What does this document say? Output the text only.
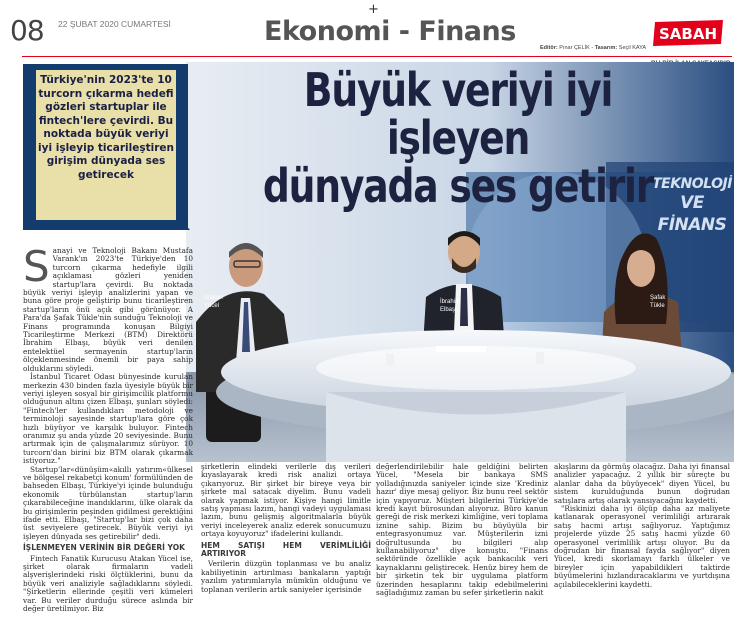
08 22 ŞUBAT 2020 CUMARTESİ
+
Ekonomi - Finans	SABAH
Editör: Pınar ÇELİK - Tasarım: Seçil KAYA
TEKNOLOJİ
VE FİNANS
Atakan
Yücel
İbrahim
Elbaşı
Şafak
Tükle
Büyük veriyi iyi işleyen
dünyada ses getirir
Türkiye'nin 2023'te 10 turcorn çıkarma hedefi gözleri startuplar ile fintech'lere çevirdi. Bu noktada büyük veriyi iyi işleyip ticarileştiren girişim dünyada ses getirecek

Sanayi ve Teknoloji Bakanı Mustafa Varank'ın 2023'te Türkiye'den 10 turcorn çıkarma hedefiyle ilgili açıklaması gözleri yeniden startup'lara çevirdi. Bu noktada büyük veriyi işleyip analizlerini yapan ve buna göre proje geliştirip bunu ticarileştiren startup'ların önü açık gibi görünüyor. A Para'da Şafak Tükle'nin sunduğu Teknoloji ve Finans programında konuşan Bilgiyi Ticarileştirme Merkezi (BTM) Direktörü İbrahim Elbaşı, büyük veri denilen entelektüel sermayenin startup'ların ölçeklenmesinde önemli bir paya sahip olduklarını söyledi.

İstanbul Ticaret Odası bünyesinde kurulan merkezin 430 binden fazla üyesiyle büyük bir veriyi işleyen sosyal bir girişimcilik platformu olduğunun altını çizen Elbaşı, şunları söyledi: "Fintech'ler kullandıkları metodoloji ve terminoloji sayesinde startup'lara göre çok hızlı büyüyor ve karşılık buluyor. Fintech oranımız şu anda yüzde 20 seviyesinde. Bunu artırmak için de çalışmalarımız sürüyor. 10 turcorn'dan birini biz BTM olarak çıkarmak istiyoruz."

Startup'lar«dünüşüm«akıllı yatırım«ülkesel ve bölgesel rekabetçi konum' formülünden de bahseden Elbaşı, Türkiye'yi içinde bulunduğu ekonomik türbülanstan startup'ların çıkarabileceğine inandıklarını, ülke olarak da bu girişimlerin peşinden gidilmesi gerektiğini ifade etti. Elbaşı, "Startup'lar bizi çok daha üst seviyelere getirecek. Büyük veriyi iyi işleyen dünyada ses getirebilir" dedi.

İŞLENMEYEN VERİNİN BİR DEĞERİ YOK

Fintech Fanatik Kurucusu Atakan Yücel ise, şirket olarak firmaların vadeli alşverişlerindeki riski ölçtüklerini, bunu da büyük veri analiziyle sağladıklarını söyledi. "Şirketlerin ellerinde çeşitli veri kümeleri var. Bu veriler durduğu sürece aslında bir değer üretilmiyor. Biz

şirketlerin elindeki verilerle dış verileri kıyaslayarak kredi risk analizi ortaya çıkarıyoruz. Bir şirket bir bireye veya bir şirkete mal satacak diyelim. Bunu vadeli olarak yapmak istiyor. Kişiye hangi limitle satış yapması lazım, hangi vadeyi uygulaması lazım, bunu gelişmiş algoritmalarla büyük veriyi inceleyerek analiz ederek sonucumuzu ortaya koyuyoruz" ifadelerini kullandı.

HEM SATIŞI HEM VERİMLİLİĞİ ARTIRIYOR

Verilerin düzgün toplanması ve bu analiz kabiliyetinin artırılması bankaların yaptığı yazılım yatırımlarıyla mümkün olduğunu ve toplanan verilerin artık saniyeler içerisinde

değerlendirilebilir hale geldiğini belirten Yücel, "Mesela bir bankaya SMS yolladığınızda saniyeler içinde size 'Krediniz hazır' diye mesaj geliyor. Biz bunu reel sektör için yapıyoruz. Müşteri bilgilerini Türkiye'de kredi kayıt bürosundan alıyoruz. Büro kanun gereği de risk merkezi kimliğine, veri toplama iznine sahip. Bizim bu büyüyüla bir entegrasyonumuz var. Müşterilerin izni doğrultusunda bu bilgileri alıp kullanabiliyoruz" diye konuştu. "Finans sektöründe özellikle açık bankacılık veri kaynaklarını geliştirecek. Henüz birey hem de bir şirketin tek bir uygulama platform üzerinden hesaplarını takip edebilmelerini sağladığımız zaman bu sefer şirketlerin nakit

akışlarını da görmüş olacağız. Daha iyi finansal analizler yapacağız. 2 yıllık bir süreçte bu alanlar daha da büyüyecek" diyen Yücel, bu sistem kurulduğunda bunun doğrudan satışlara artış olarak yansıyacağını kaydetti.

"Riskinizi daha iyi ölçüp daha az maliyete katlanarak operasyonel verimliliği artırarak satış hacmi artışı sağlıyoruz. Yaptığımız projelerde yüzde 25 satış hacmi yüzde 60 operasyonel verimlilik artışı oluyor. Bu da doğrudan bir finansal fayda sağlıyor" diyen Yücel, kredi skorlamayı farklı ülkeler ve bireyler için yapabildikleri taktirde büyümelerini hızlandıracaklarını ve yurtdışına açılabileceklerini kaydetti.
